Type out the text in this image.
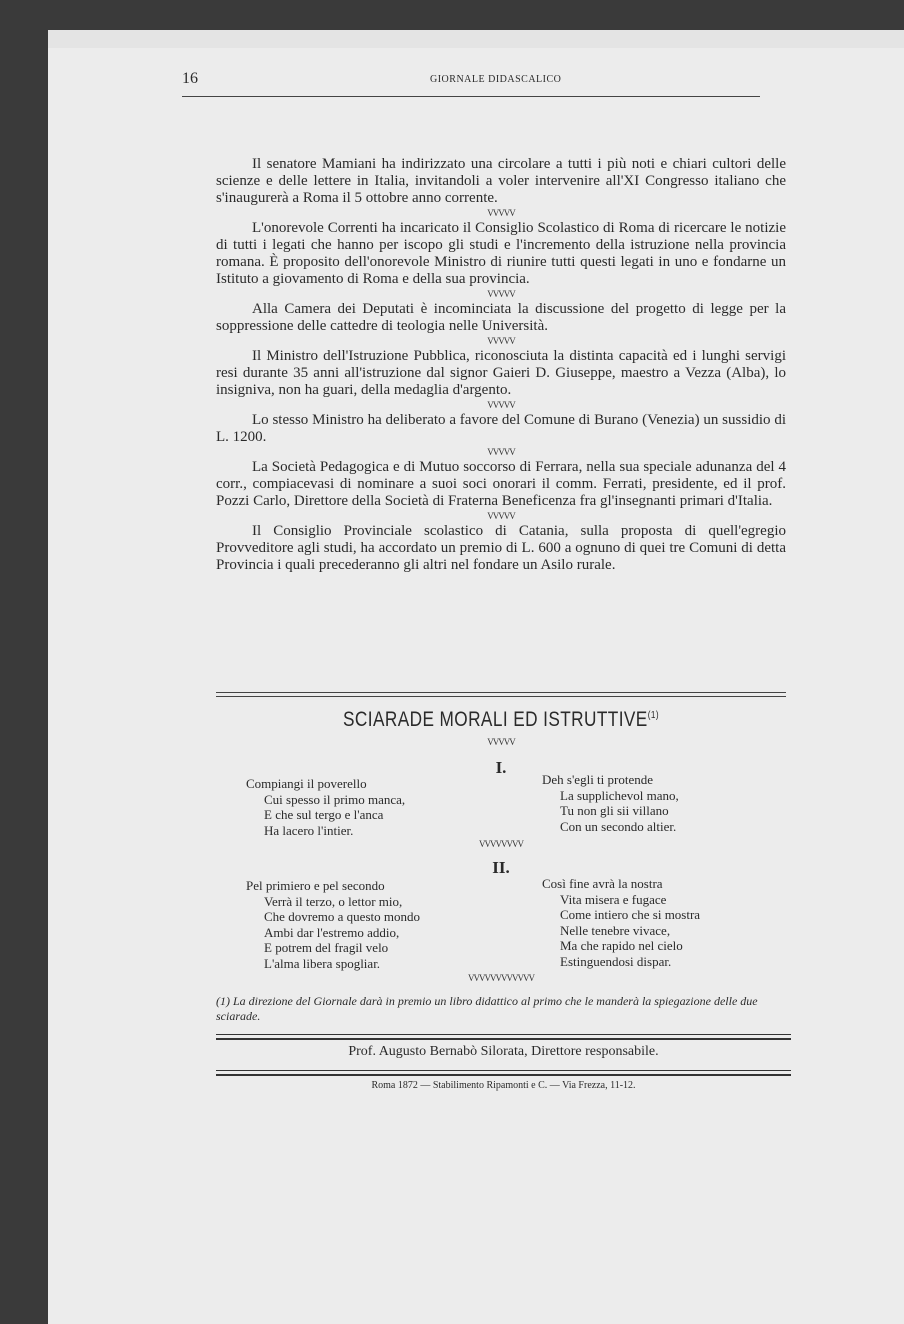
16	GIORNALE DIDASCALICO

Il senatore Mamiani ha indirizzato una circolare a tutti i più noti e chiari cultori delle scienze e delle lettere in Italia, invitandoli a voler intervenire all'XI Congresso italiano che s'inaugurerà a Roma il 5 ottobre anno corrente.

VVVVV

L'onorevole Correnti ha incaricato il Consiglio Scolastico di Roma di ricercare le notizie di tutti i legati che hanno per iscopo gli studi e l'incremento della istruzione nella provincia romana. È proposito dell'onorevole Ministro di riunire tutti questi legati in uno e fondarne un Istituto a giovamento di Roma e della sua provincia.

VVVVV

Alla Camera dei Deputati è incominciata la discussione del progetto di legge per la soppressione delle cattedre di teologia nelle Università.

VVVVV

Il Ministro dell'Istruzione Pubblica, riconosciuta la distinta capacità ed i lunghi servigi resi durante 35 anni all'istruzione dal signor Gaieri D. Giuseppe, maestro a Vezza (Alba), lo insigniva, non ha guari, della medaglia d'argento.

VVVVV

Lo stesso Ministro ha deliberato a favore del Comune di Burano (Venezia) un sussidio di L. 1200.

VVVVV

La Società Pedagogica e di Mutuo soccorso di Ferrara, nella sua speciale adunanza del 4 corr., compiacevasi di nominare a suoi soci onorari il comm. Ferrati, presidente, ed il prof. Pozzi Carlo, Direttore della Società di Fraterna Beneficenza fra gl'insegnanti primari d'Italia.

VVVVV

Il Consiglio Provinciale scolastico di Catania, sulla proposta di quell'egregio Provveditore agli studi, ha accordato un premio di L. 600 a ognuno di quei tre Comuni di detta Provincia i quali precederanno gli altri nel fondare un Asilo rurale.

SCIARADE MORALI ED ISTRUTTIVE$^{(1)}$
VVVVV
I.
Compiangi il poverello
Cui spesso il primo manca,
E che sul tergo e l'anca
Ha lacero l'intier.
Deh s'egli ti protende
La supplichevol mano,
Tu non gli sii villano
Con un secondo altier.
VVVVVVVV
II.
Pel primiero e pel secondo
Verrà il terzo, o lettor mio,
Che dovremo a questo mondo
Ambi dar l'estremo addio,
E potrem del fragil velo
L'alma libera spogliar.
Così fine avrà la nostra
Vita misera e fugace
Come intiero che si mostra
Nelle tenebre vivace,
Ma che rapido nel cielo
Estinguendosi dispar.
VVVVVVVVVVVV
(1) La direzione del Giornale darà in premio un libro didattico al primo che le manderà la spiegazione delle due sciarade.
Prof. Augusto Bernabò Silorata, Direttore responsabile.
Roma 1872 — Stabilimento Ripamonti e C. — Via Frezza, 11-12.
